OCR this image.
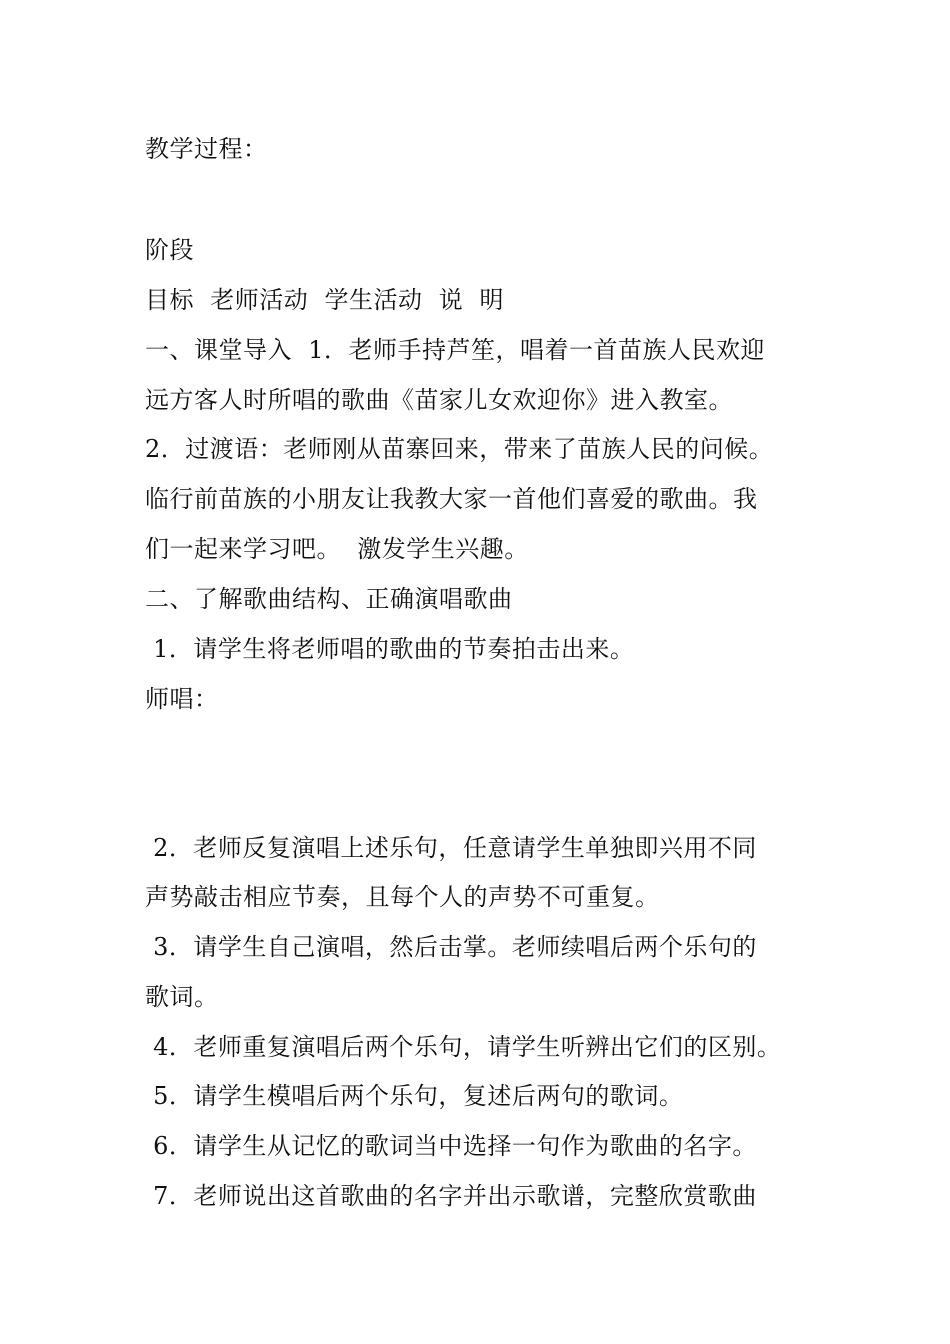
教学过程：
阶段
目标  老师活动  学生活动  说  明
一、课堂导入  1．老师手持芦笙，唱着一首苗族人民欢迎
远方客人时所唱的歌曲《苗家儿女欢迎你》进入教室。
2．过渡语：老师刚从苗寨回来，带来了苗族人民的问候。
临行前苗族的小朋友让我教大家一首他们喜爱的歌曲。我
们一起来学习吧。  激发学生兴趣。
二、了解歌曲结构、正确演唱歌曲
1．请学生将老师唱的歌曲的节奏拍击出来。
师唱：
2．老师反复演唱上述乐句，任意请学生单独即兴用不同
声势敲击相应节奏，且每个人的声势不可重复。
3．请学生自己演唱，然后击掌。老师续唱后两个乐句的
歌词。
4．老师重复演唱后两个乐句，请学生听辨出它们的区别。
5．请学生模唱后两个乐句，复述后两句的歌词。
6．请学生从记忆的歌词当中选择一句作为歌曲的名字。
7．老师说出这首歌曲的名字并出示歌谱，完整欣赏歌曲
